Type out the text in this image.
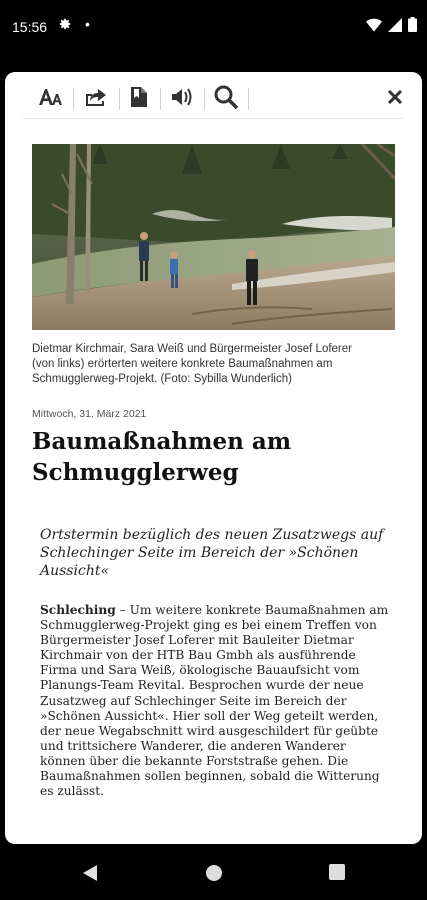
15:56	•
Dietmar Kirchmair, Sara Weiß und Bürgermeister Josef Loferer (von links) erörterten weitere konkrete Baumaßnahmen am Schmugglerweg-Projekt. (Foto: Sybilla Wunderlich)
Mittwoch, 31. März 2021
Baumaßnahmen am Schmugglerweg
Ortstermin bezüglich des neuen Zusatzwegs auf Schlechinger Seite im Bereich der »Schönen Aussicht«
Schleching – Um weitere konkrete Baumaßnahmen am Schmugglerweg-Projekt ging es bei einem Treffen von Bürgermeister Josef Loferer mit Bauleiter Dietmar Kirchmair von der HTB Bau Gmbh als ausführende Firma und Sara Weiß, ökologische Bauaufsicht vom Planungs-Team Revital. Besprochen wurde der neue Zusatzweg auf Schlechinger Seite im Bereich der »Schönen Aussicht«. Hier soll der Weg geteilt werden, der neue Wegabschnitt wird ausgeschildert für geübte und trittsichere Wanderer, die anderen Wanderer können über die bekannte Forststraße gehen. Die Baumaßnahmen sollen beginnen, sobald die Witterung es zulässt.
